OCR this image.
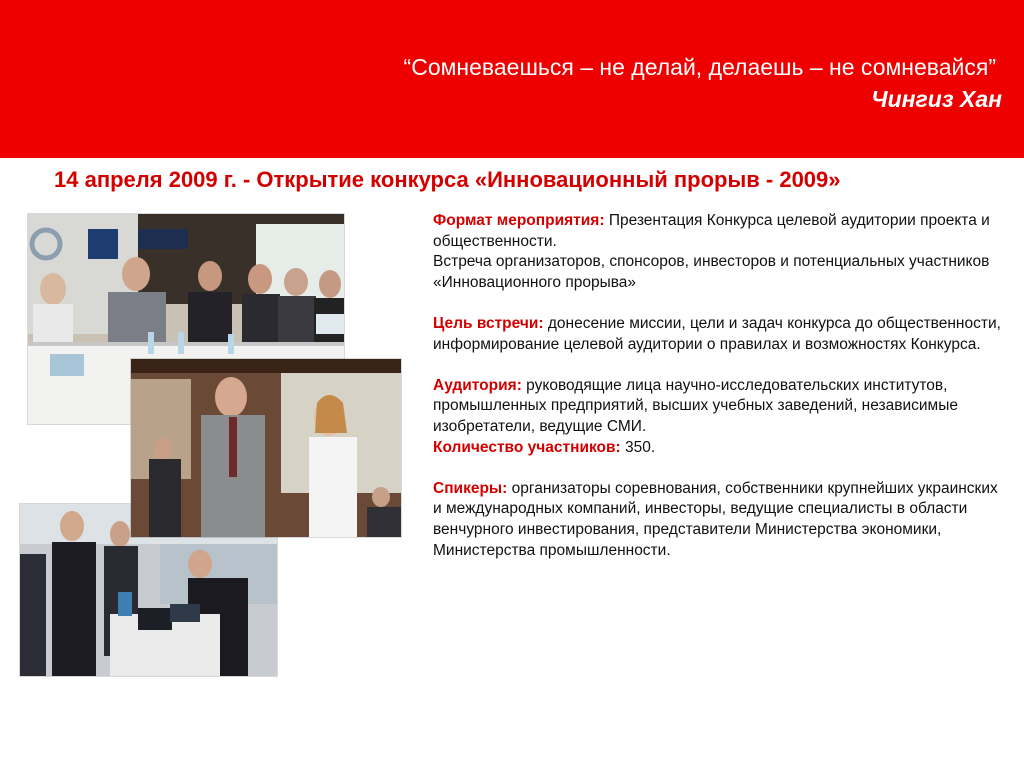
“Сомневаешься – не делай, делаешь – не сомневайся”
Чингиз Хан
14 апреля 2009 г. - Открытие конкурса «Инновационный прорыв - 2009»

Формат мероприятия: Презентация Конкурса целевой аудитории проекта и общественности.
Встреча организаторов, спонсоров, инвесторов и потенциальных участников «Инновационного прорыва»

Цель встречи: донесение миссии, цели и задач конкурса до общественности, информирование целевой аудитории о правилах и возможностях Конкурса.

Аудитория: руководящие лица научно-исследовательских институтов, промышленных предприятий, высших учебных заведений, независимые изобретатели, ведущие СМИ.
Количество участников: 350.

Спикеры: организаторы соревнования, собственники крупнейших украинских и международных компаний, инвесторы, ведущие специалисты в области венчурного инвестирования, представители Министерства экономики, Министерства промышленности.
